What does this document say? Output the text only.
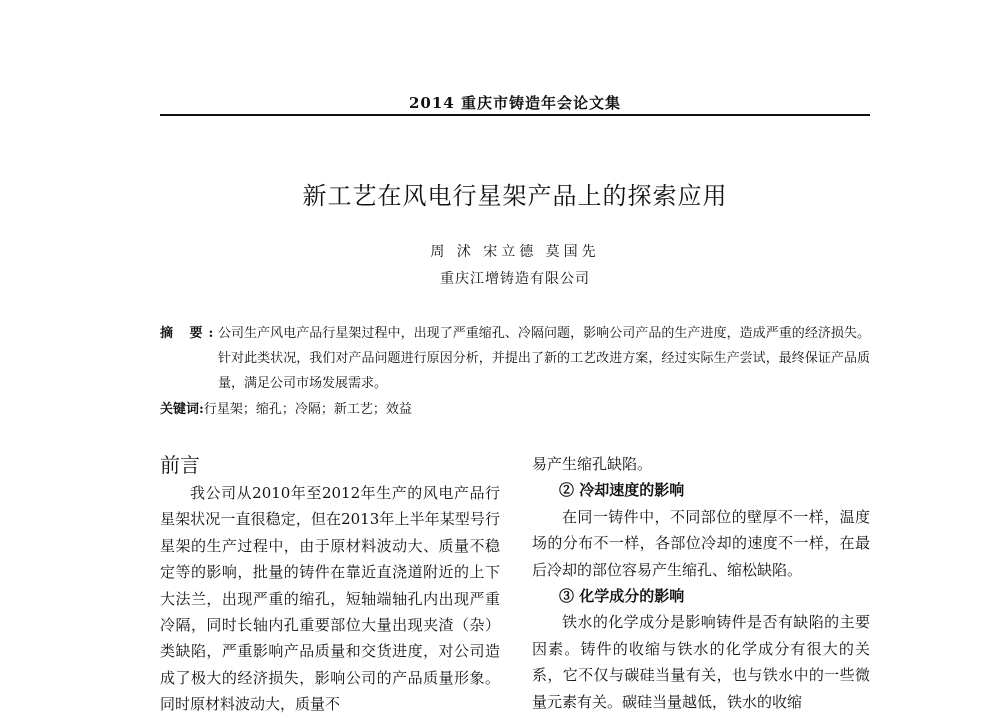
2014 重庆市铸造年会论文集
新工艺在风电行星架产品上的探索应用
周 沭 宋立德 莫国先
重庆江增铸造有限公司
摘 要:
公司生产风电产品行星架过程中，出现了严重缩孔、冷隔问题，影响公司产品的生产进度，造成严重的经济损失。针对此类状况，我们对产品问题进行原因分析，并提出了新的工艺改进方案，经过实际生产尝试，最终保证产品质量，满足公司市场发展需求。
关键词:行星架；缩孔；冷隔；新工艺；效益
前言

我公司从2010年至2012年生产的风电产品行星架状况一直很稳定，但在2013年上半年某型号行星架的生产过程中，由于原材料波动大、质量不稳定等的影响，批量的铸件在靠近直浇道附近的上下大法兰，出现严重的缩孔，短轴端轴孔内出现严重冷隔，同时长轴内孔重要部位大量出现夹渣（杂）类缺陷，严重影响产品质量和交货进度，对公司造成了极大的经济损失，影响公司的产品质量形象。同时原材料波动大，质量不

易产生缩孔缺陷。

② 冷却速度的影响

在同一铸件中，不同部位的壁厚不一样，温度场的分布不一样，各部位冷却的速度不一样，在最后冷却的部位容易产生缩孔、缩松缺陷。

③ 化学成分的影响

铁水的化学成分是影响铸件是否有缺陷的主要因素。铸件的收缩与铁水的化学成分有很大的关系，它不仅与碳硅当量有关，也与铁水中的一些微量元素有关。碳硅当量越低，铁水的收缩
